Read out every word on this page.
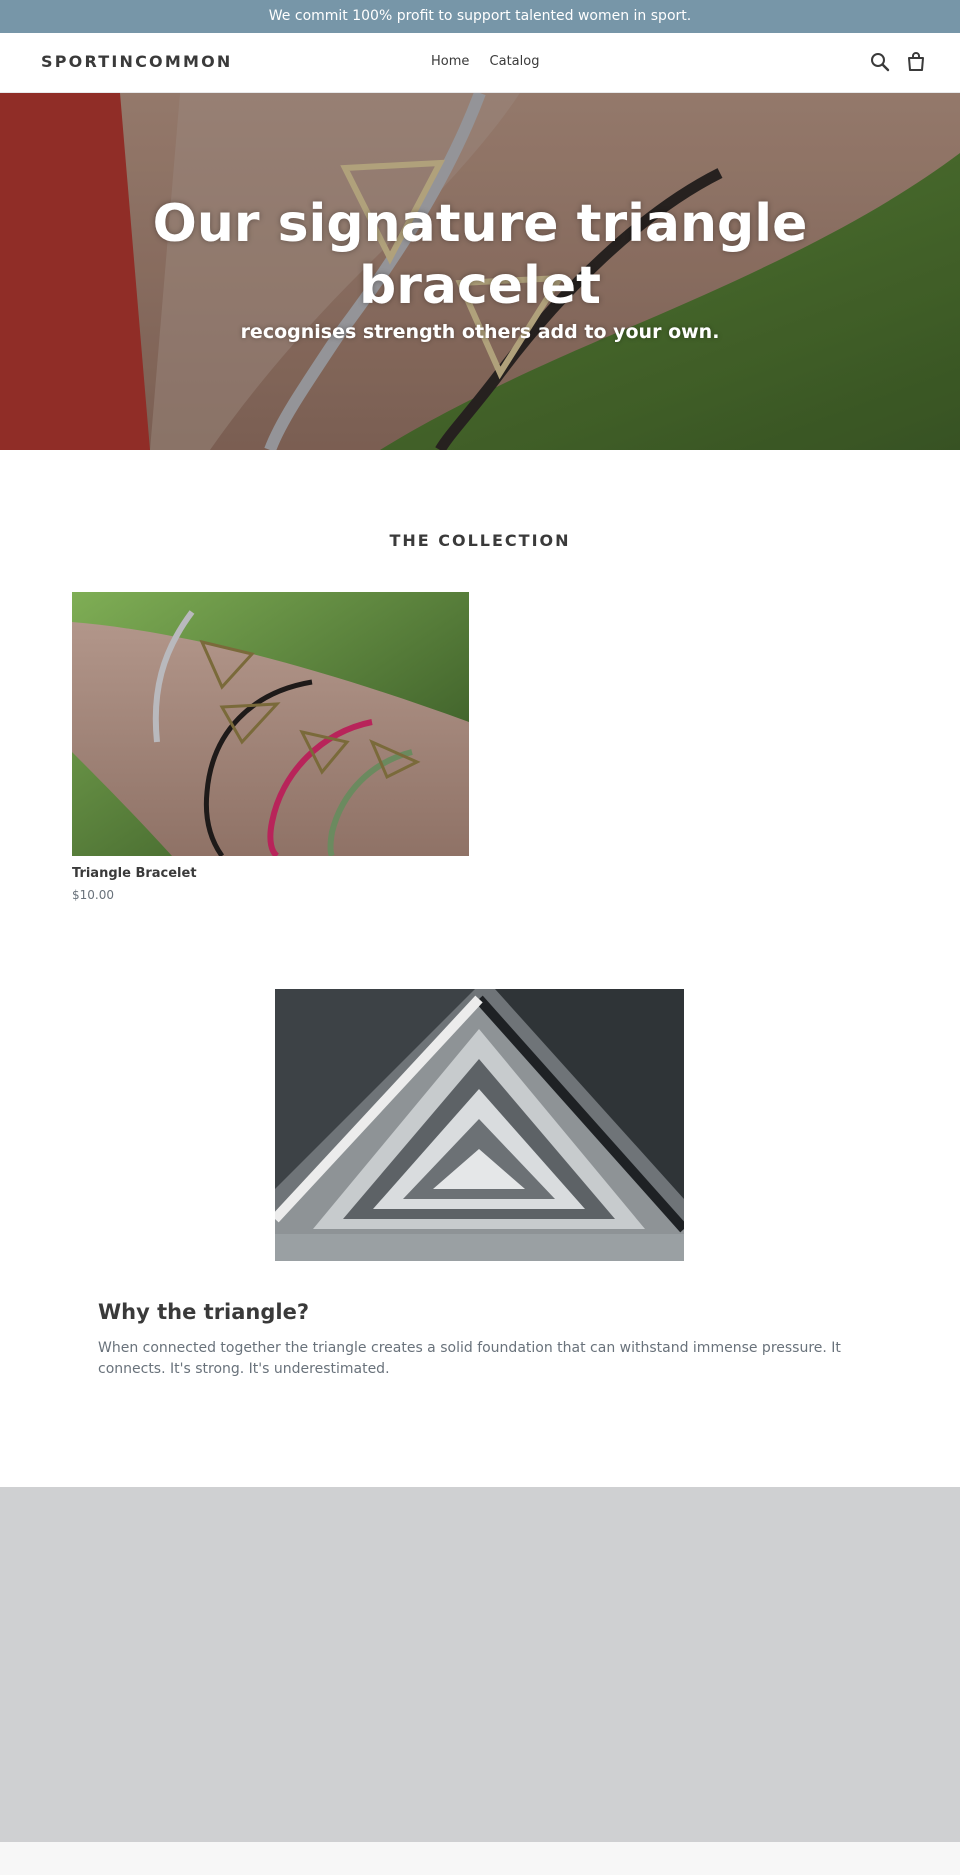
We commit 100% profit to support talented women in sport.
SPORTINCOMMON	Home Catalog
Our signature triangle bracelet
recognises strength others add to your own.
THE COLLECTION
Triangle Bracelet
$10.00
Why the triangle?
When connected together the triangle creates a solid foundation that can withstand immense pressure. It connects. It's strong. It's underestimated.
